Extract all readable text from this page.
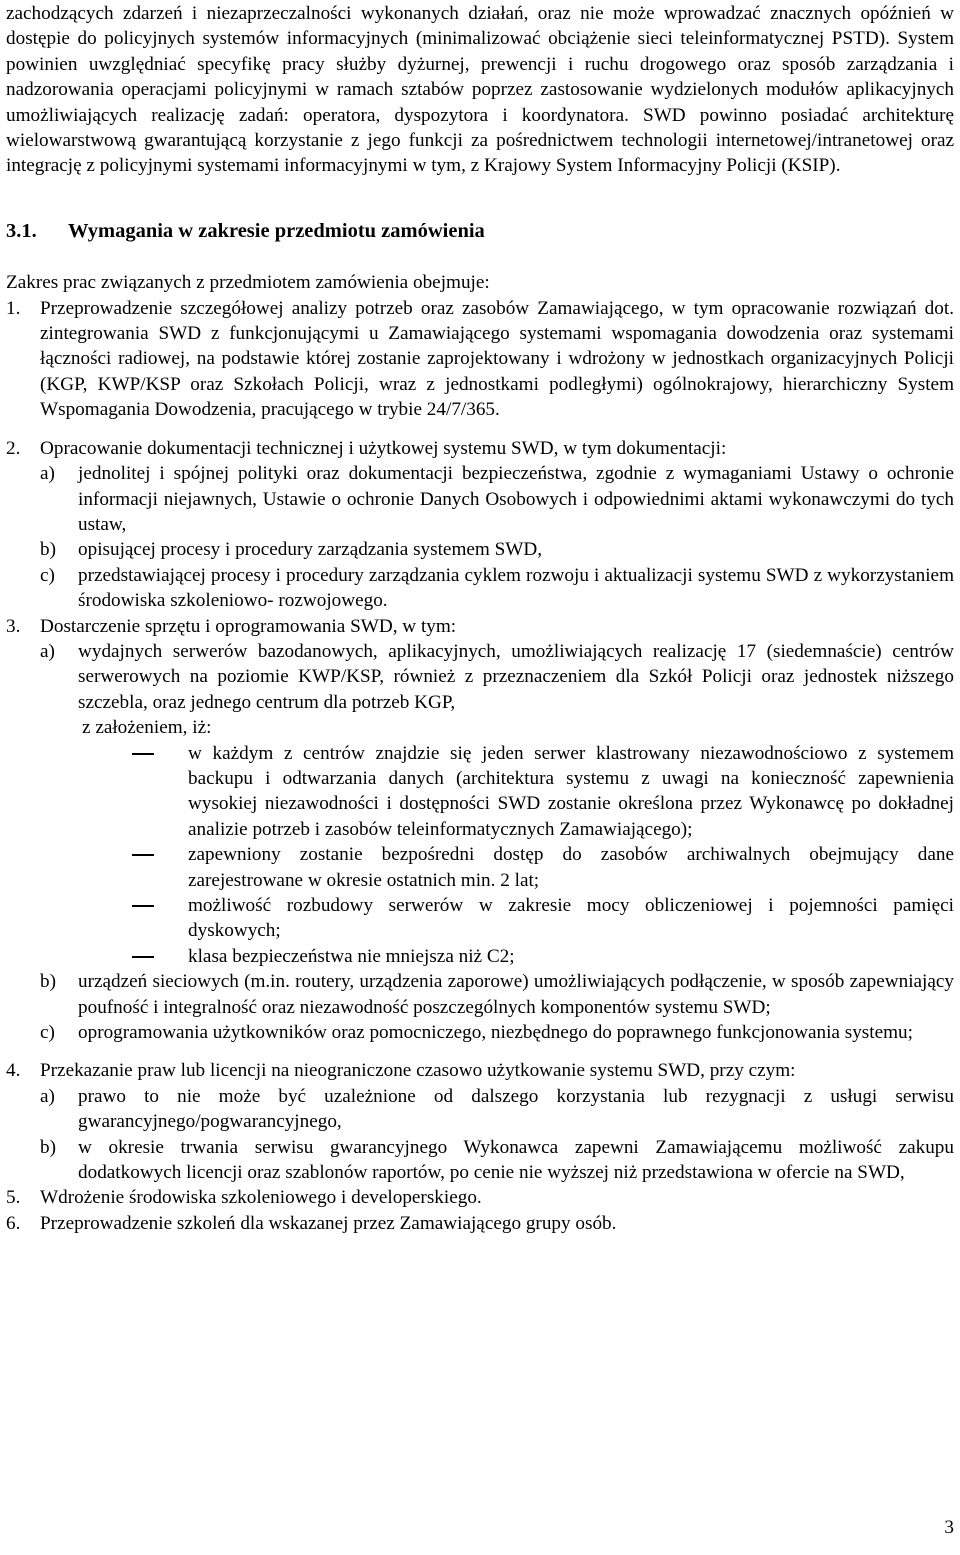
zachodzących zdarzeń i niezaprzeczalności wykonanych działań, oraz nie może wprowadzać znacznych opóźnień w dostępie do policyjnych systemów informacyjnych (minimalizować obciążenie sieci teleinformatycznej PSTD). System powinien uwzględniać specyfikę pracy służby dyżurnej, prewencji i ruchu drogowego oraz sposób zarządzania i nadzorowania operacjami policyjnymi w ramach sztabów poprzez zastosowanie wydzielonych modułów aplikacyjnych umożliwiających realizację zadań: operatora, dyspozytora i koordynatora. SWD powinno posiadać architekturę wielowarstwową gwarantującą korzystanie z jego funkcji za pośrednictwem technologii internetowej/intranetowej oraz integrację z policyjnymi systemami informacyjnymi w tym, z Krajowy System Informacyjny Policji (KSIP).

3.1. Wymagania w zakresie przedmiotu zamówienia

Zakres prac związanych z przedmiotem zamówienia obejmuje:

1. Przeprowadzenie szczegółowej analizy potrzeb oraz zasobów Zamawiającego, w tym opracowanie rozwiązań dot. zintegrowania SWD z funkcjonującymi u Zamawiającego systemami wspomagania dowodzenia oraz systemami łączności radiowej, na podstawie której zostanie zaprojektowany i wdrożony w jednostkach organizacyjnych Policji (KGP, KWP/KSP oraz Szkołach Policji, wraz z jednostkami podległymi) ogólnokrajowy, hierarchiczny System Wspomagania Dowodzenia, pracującego w trybie 24/7/365.
2. Opracowanie dokumentacji technicznej i użytkowej systemu SWD, w tym dokumentacji:
a) jednolitej i spójnej polityki oraz dokumentacji bezpieczeństwa, zgodnie z wymaganiami Ustawy o ochronie informacji niejawnych, Ustawie o ochronie Danych Osobowych i odpowiednimi aktami wykonawczymi do tych ustaw,
b) opisującej procesy i procedury zarządzania systemem SWD,
c) przedstawiającej procesy i procedury zarządzania cyklem rozwoju i aktualizacji systemu SWD z wykorzystaniem środowiska szkoleniowo- rozwojowego.
3. Dostarczenie sprzętu i oprogramowania SWD, w tym:
a) wydajnych serwerów bazodanowych, aplikacyjnych, umożliwiających realizację 17 (siedemnaście) centrów serwerowych na poziomie KWP/KSP, również z przeznaczeniem dla Szkół Policji oraz jednostek niższego szczebla, oraz jednego centrum dla potrzeb KGP,

z założeniem, iż:

w każdym z centrów znajdzie się jeden serwer klastrowany niezawodnościowo z systemem backupu i odtwarzania danych (architektura systemu z uwagi na konieczność zapewnienia wysokiej niezawodności i dostępności SWD zostanie określona przez Wykonawcę po dokładnej analizie potrzeb i zasobów teleinformatycznych Zamawiającego);
zapewniony zostanie bezpośredni dostęp do zasobów archiwalnych obejmujący dane zarejestrowane w okresie ostatnich min. 2 lat;
możliwość rozbudowy serwerów w zakresie mocy obliczeniowej i pojemności pamięci dyskowych;
klasa bezpieczeństwa nie mniejsza niż C2;
b) urządzeń sieciowych (m.in. routery, urządzenia zaporowe) umożliwiających podłączenie, w sposób zapewniający poufność i integralność oraz niezawodność poszczególnych komponentów systemu SWD;
c) oprogramowania użytkowników oraz pomocniczego, niezbędnego do poprawnego funkcjonowania systemu;
4. Przekazanie praw lub licencji na nieograniczone czasowo użytkowanie systemu SWD, przy czym:
a) prawo to nie może być uzależnione od dalszego korzystania lub rezygnacji z usługi serwisu gwarancyjnego/pogwarancyjnego,
b) w okresie trwania serwisu gwarancyjnego Wykonawca zapewni Zamawiającemu możliwość zakupu dodatkowych licencji oraz szablonów raportów, po cenie nie wyższej niż przedstawiona w ofercie na SWD,
5. Wdrożenie środowiska szkoleniowego i developerskiego.
6. Przeprowadzenie szkoleń dla wskazanej przez Zamawiającego grupy osób.
3
